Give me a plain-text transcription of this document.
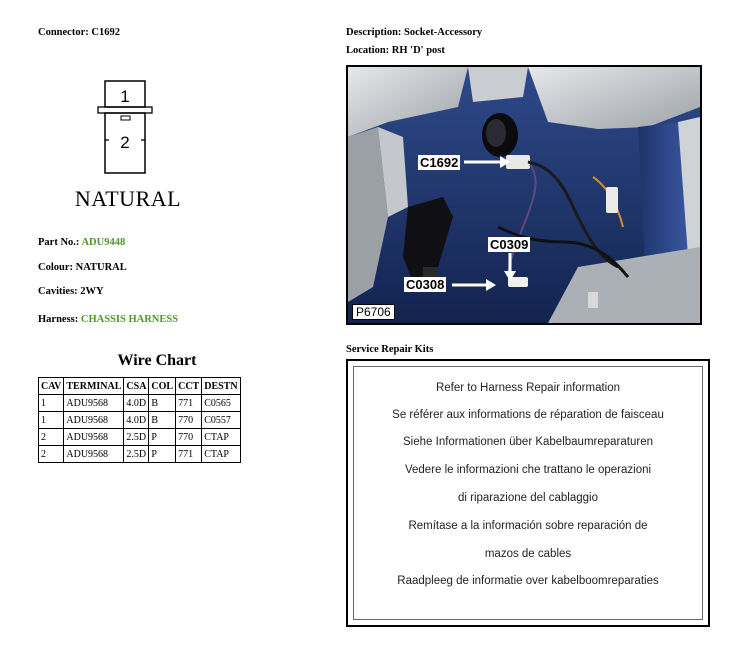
Connector: C1692
1
2
NATURAL
Part No.: ADU9448
Colour: NATURAL
Cavities: 2WY
Harness: CHASSIS HARNESS
Wire Chart
CAV	TERMINAL	CSA	COL	CCT	DESTN
1	ADU9568	4.0D	B	771	C0565
1	ADU9568	4.0D	B	770	C0557
2	ADU9568	2.5D	P	770	CTAP
2	ADU9568	2.5D	P	771	CTAP
Description: Socket-Accessory
Location: RH 'D' post
C1692
C0309
C0308
P6706
Service Repair Kits
Refer to Harness Repair information
Se référer aux informations de réparation de faisceau
Siehe Informationen über Kabelbaumreparaturen
Vedere le informazioni che trattano le operazioni
di riparazione del cablaggio
Remítase a la información sobre reparación de
mazos de cables
Raadpleeg de informatie over kabelboomreparaties
